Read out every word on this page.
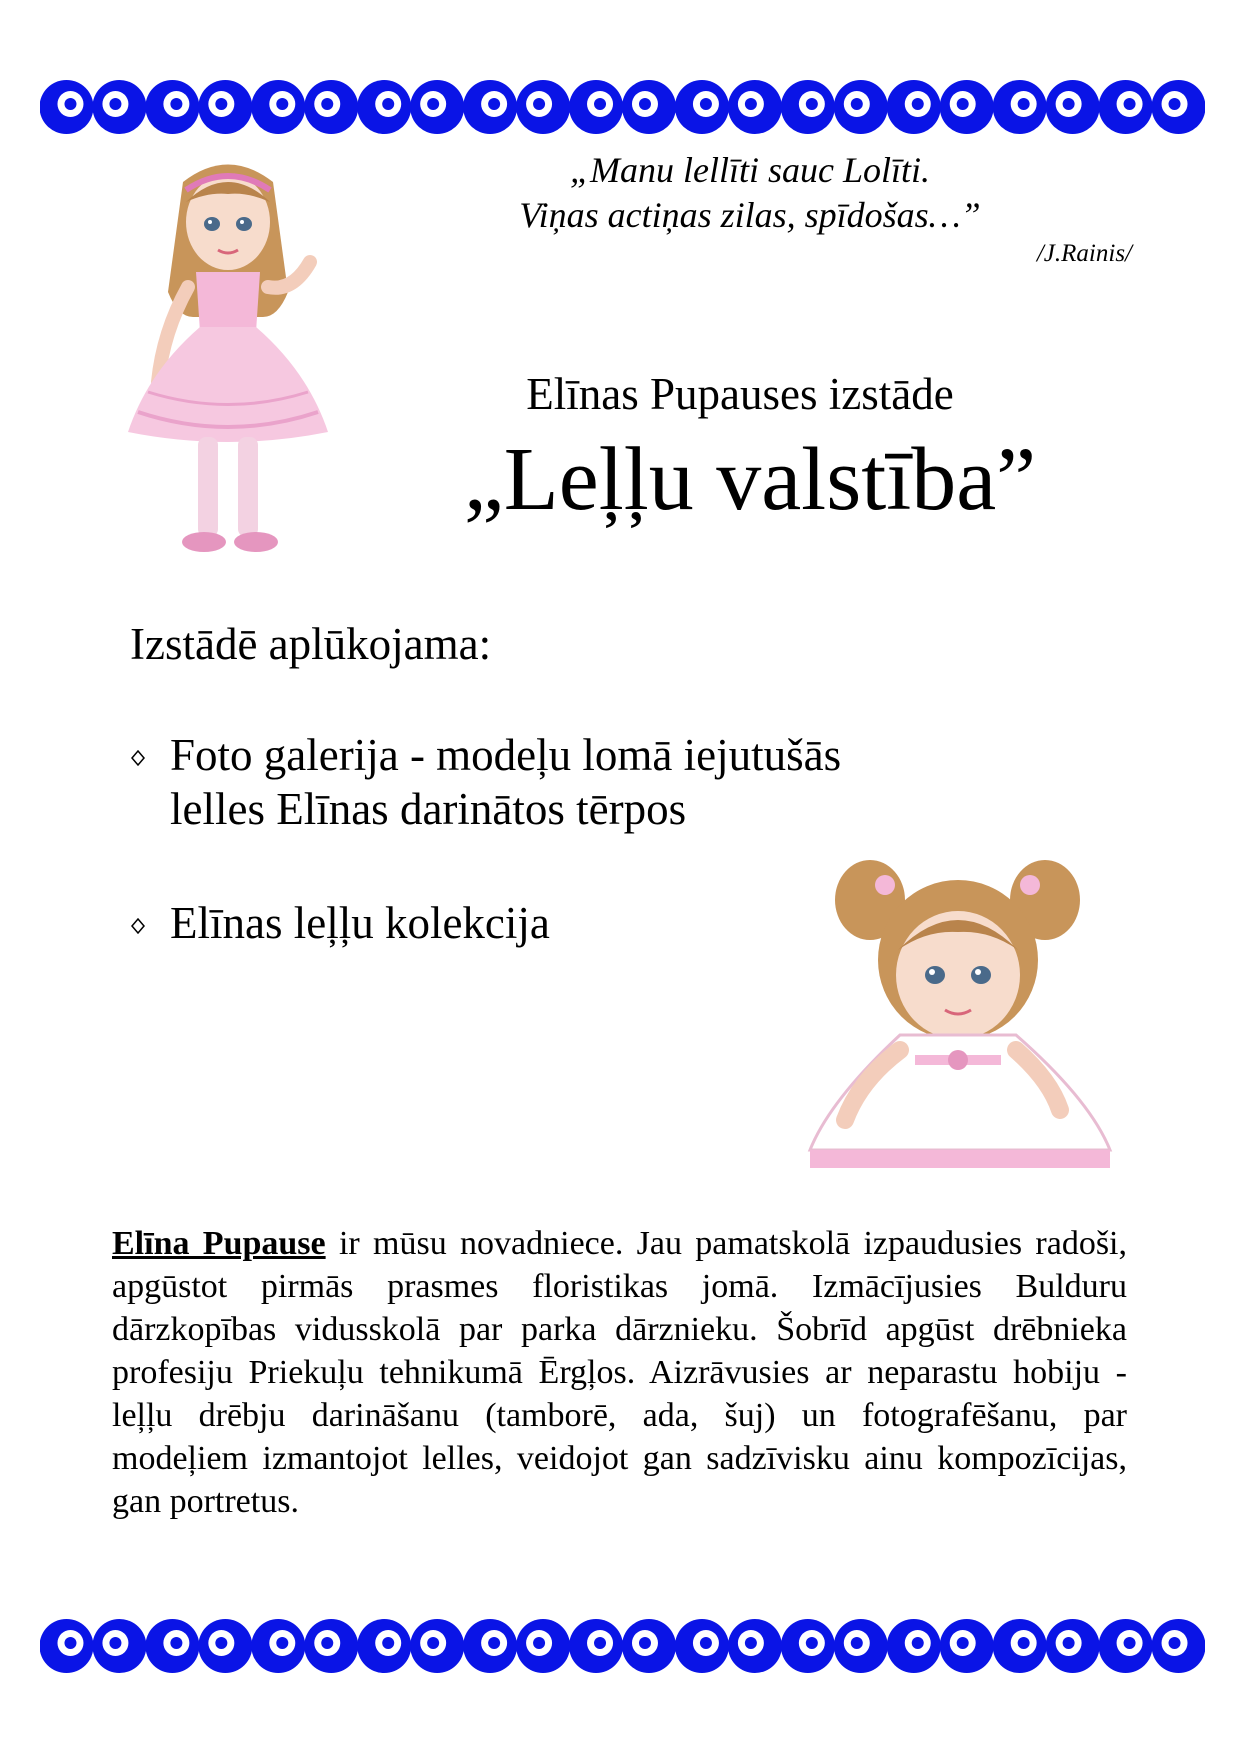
„Manu lellīti sauc Lolīti.
Viņas actiņas zilas, spīdošas…”
/J.Rainis/
Elīnas Pupauses izstāde
„Leļļu valstība”
Izstādē aplūkojama:
Foto galerija - modeļu lomā iejutušās
lelles Elīnas darinātos tērpos
Elīnas leļļu kolekcija
Elīna Pupause ir mūsu novadniece. Jau pamatskolā izpaudusies radoši, apgūstot pirmās prasmes floristikas jomā. Izmācījusies Bulduru dārzkopības vidusskolā par parka dārznieku. Šobrīd apgūst drēbnieka profesiju Priekuļu tehnikumā Ērgļos. Aizrāvusies ar neparastu hobiju - leļļu drēbju darināšanu (tamborē, ada, šuj) un fotografēšanu, par modeļiem izmantojot lelles, veidojot gan sadzīvisku ainu kompozīcijas, gan portretus.
